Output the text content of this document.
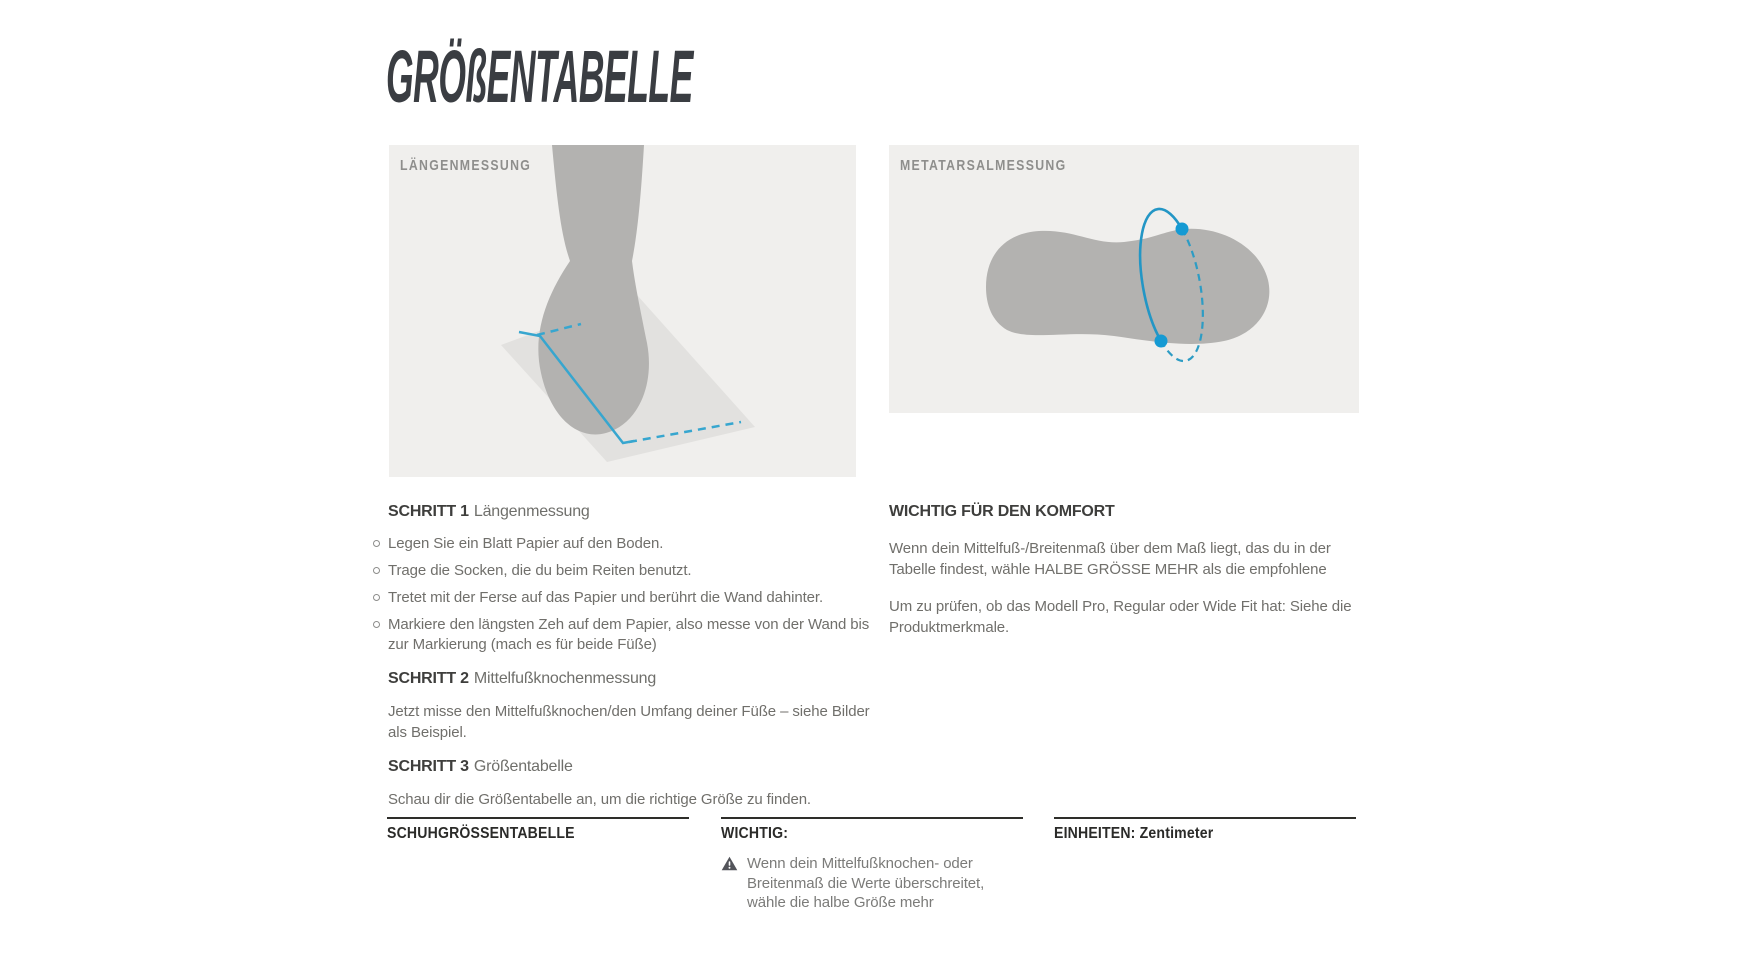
GRÖßENTABELLE
LÄNGENMESSUNG	METATARSALMESSUNG
SCHRITT 1 Längenmessung
Legen Sie ein Blatt Papier auf den Boden.
Trage die Socken, die du beim Reiten benutzt.
Tretet mit der Ferse auf das Papier und berührt die Wand dahinter.
Markiere den längsten Zeh auf dem Papier, also messe von der Wand bis zur Markierung (mach es für beide Füße)
SCHRITT 2 Mittelfußknochenmessung

Jetzt misse den Mittelfußknochen/den Umfang deiner Füße – siehe Bilder als Beispiel.

SCHRITT 3 Größentabelle

Schau dir die Größentabelle an, um die richtige Größe zu finden.

WICHTIG FÜR DEN KOMFORT

Wenn dein Mittelfuß-/Breitenmaß über dem Maß liegt, das du in der Tabelle findest, wähle HALBE GRÖSSE MEHR als die empfohlene

Um zu prüfen, ob das Modell Pro, Regular oder Wide Fit hat: Siehe die Produktmerkmale.

SCHUHGRÖSSENTABELLE	WICHTIG:
Wenn dein Mittelfußknochen- oder Breitenmaß die Werte überschreitet, wähle die halbe Größe mehr
EINHEITEN: Zentimeter
